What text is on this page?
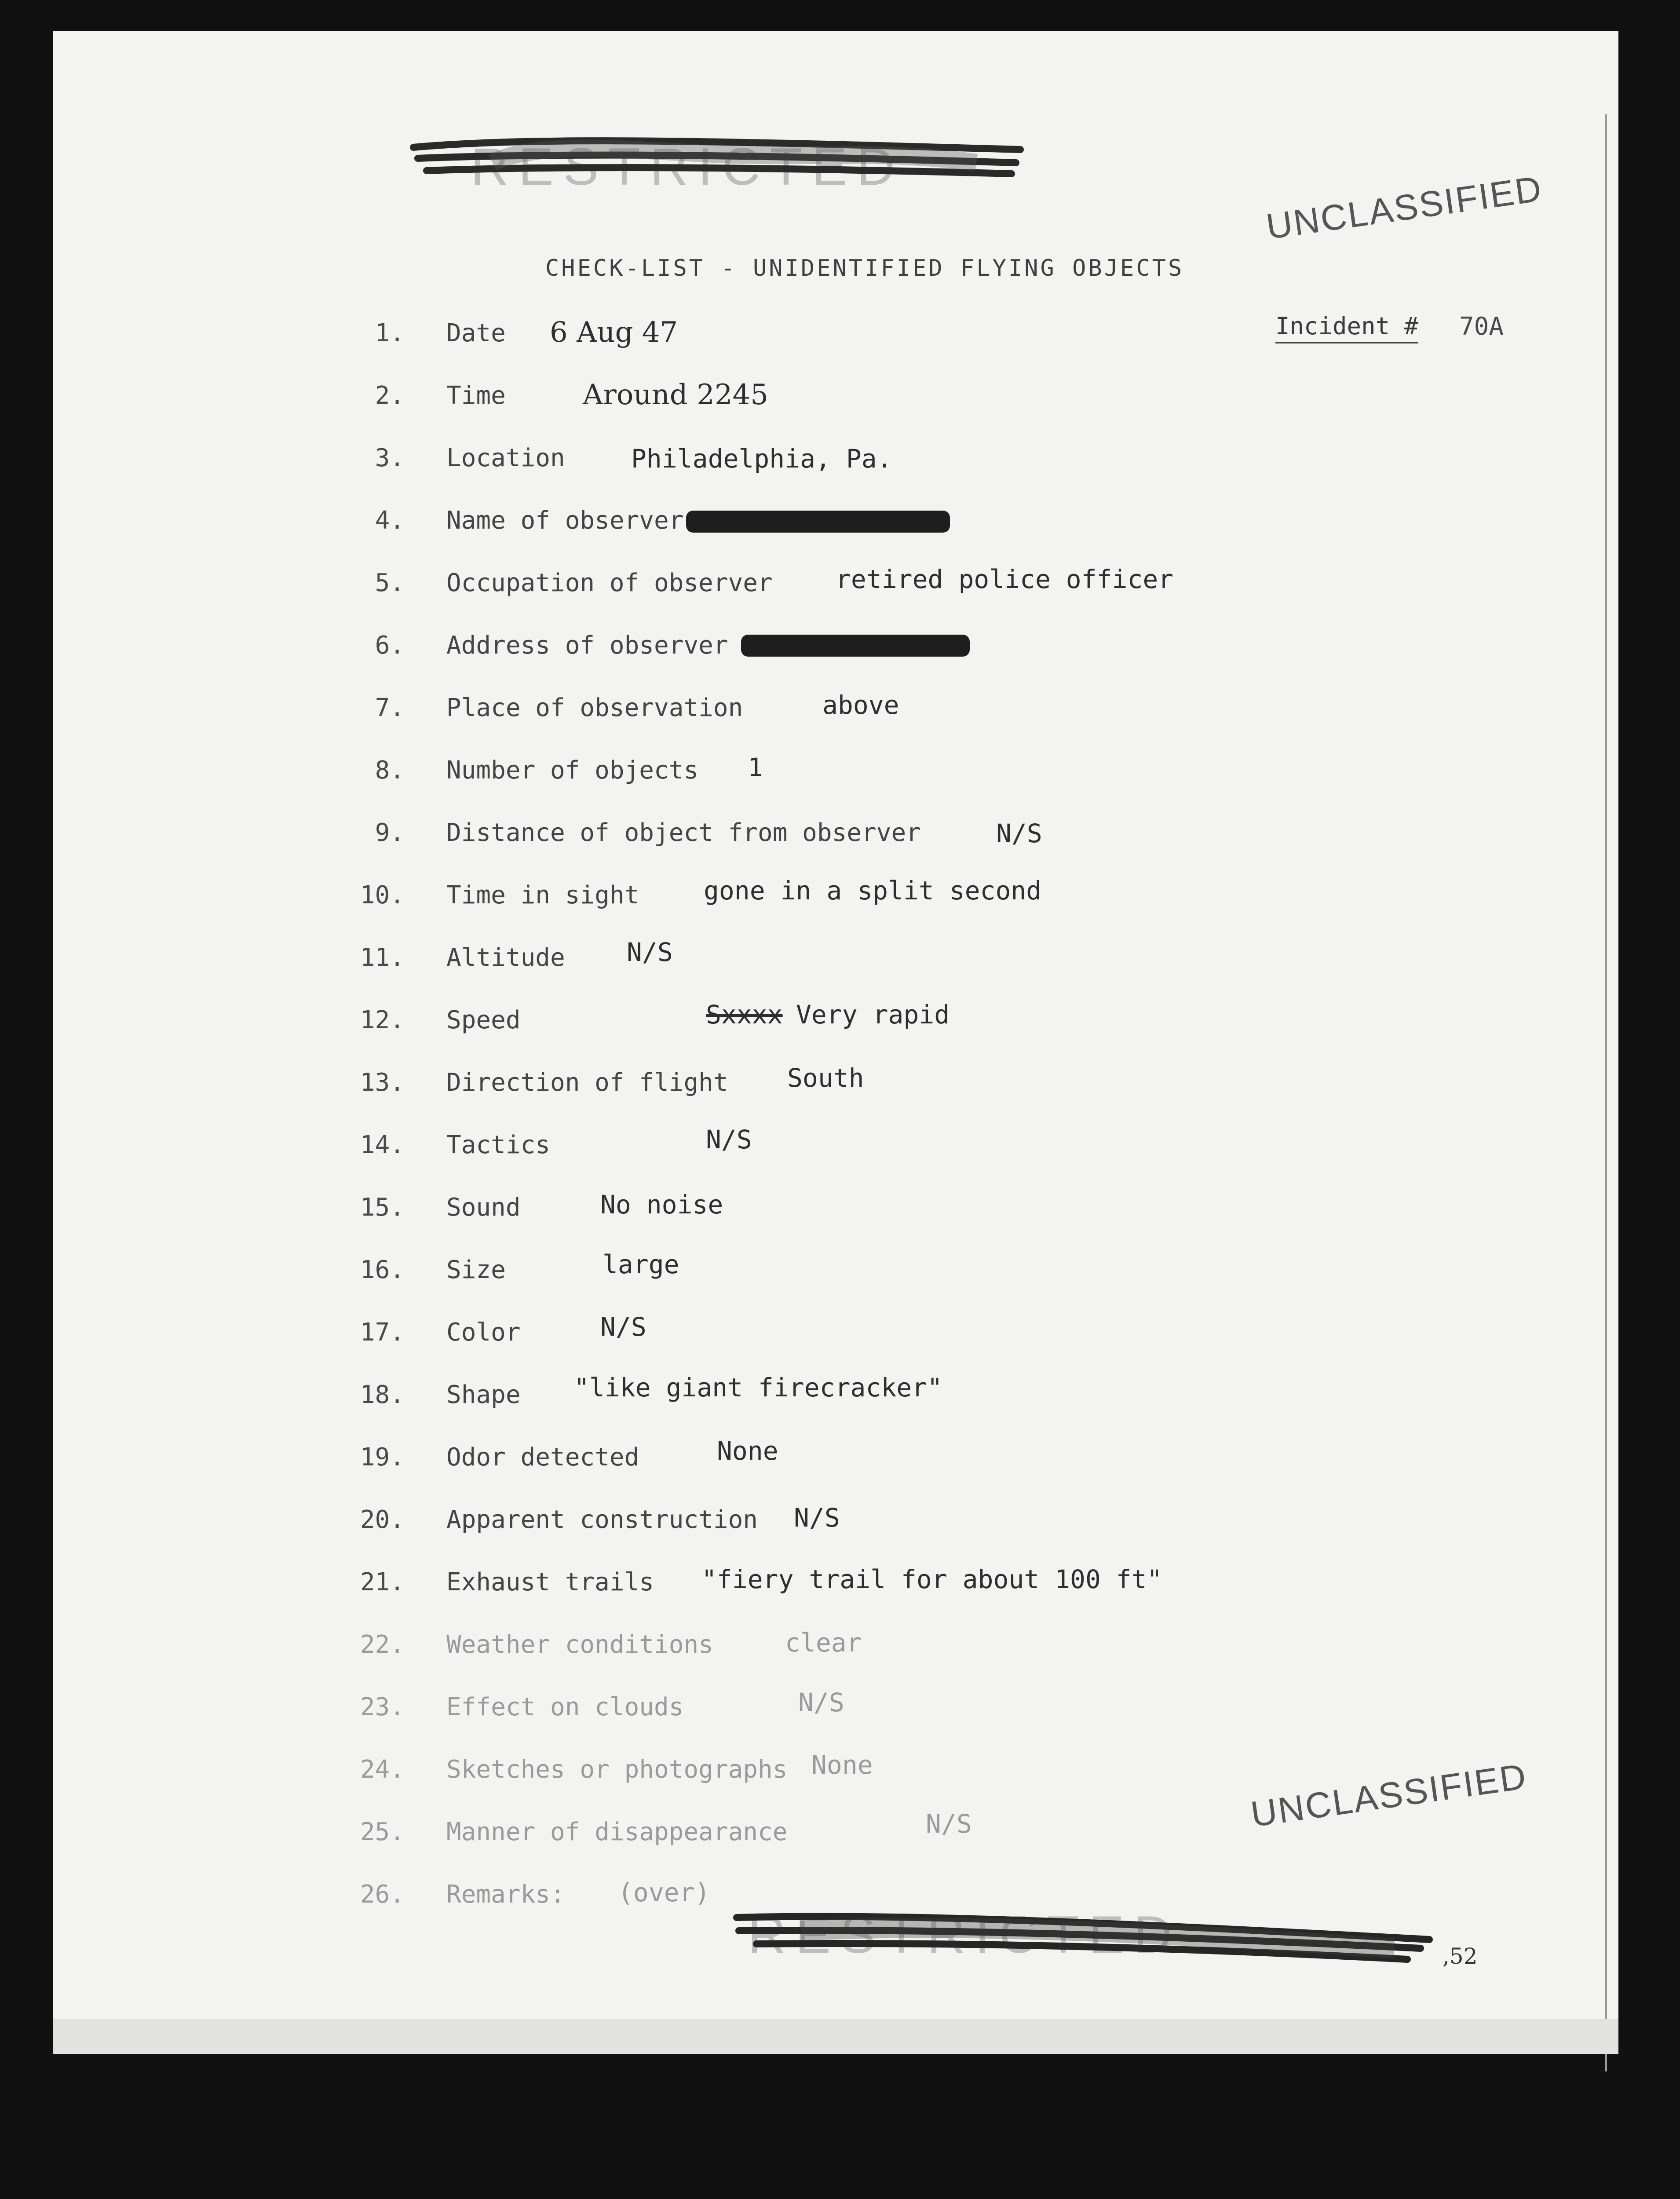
RESTRICTED
RESTRICTED	,52
CHECK-LIST - UNIDENTIFIED FLYING OBJECTS
Incident #	70A
UNCLASSIFIED
UNCLASSIFIED
1. Date 6 Aug 47
2. Time	Around 2245
3. Location	Philadelphia, Pa.
4. Name of observer
5. Occupation of observer retired police officer
6. Address of observer
7. Place of observation	above
8. Number of objects 1
9. Distance of object from observer	N/S
10. Time in sight	gone in a split second
11. Altitude N/S
12. Speed	Sxxxx Very rapid
13. Direction of flight South
14. Tactics	N/S
15. Sound	No noise
16. Size	large
17. Color	N/S
18. Shape "like giant firecracker"
19. Odor detected	None
20. Apparent construction N/S
21. Exhaust trails "fiery trail for about 100 ft"
22. Weather conditions	clear
23. Effect on clouds	N/S
24. Sketches or photographs None
25. Manner of disappearance	N/S
26. Remarks: (over)
